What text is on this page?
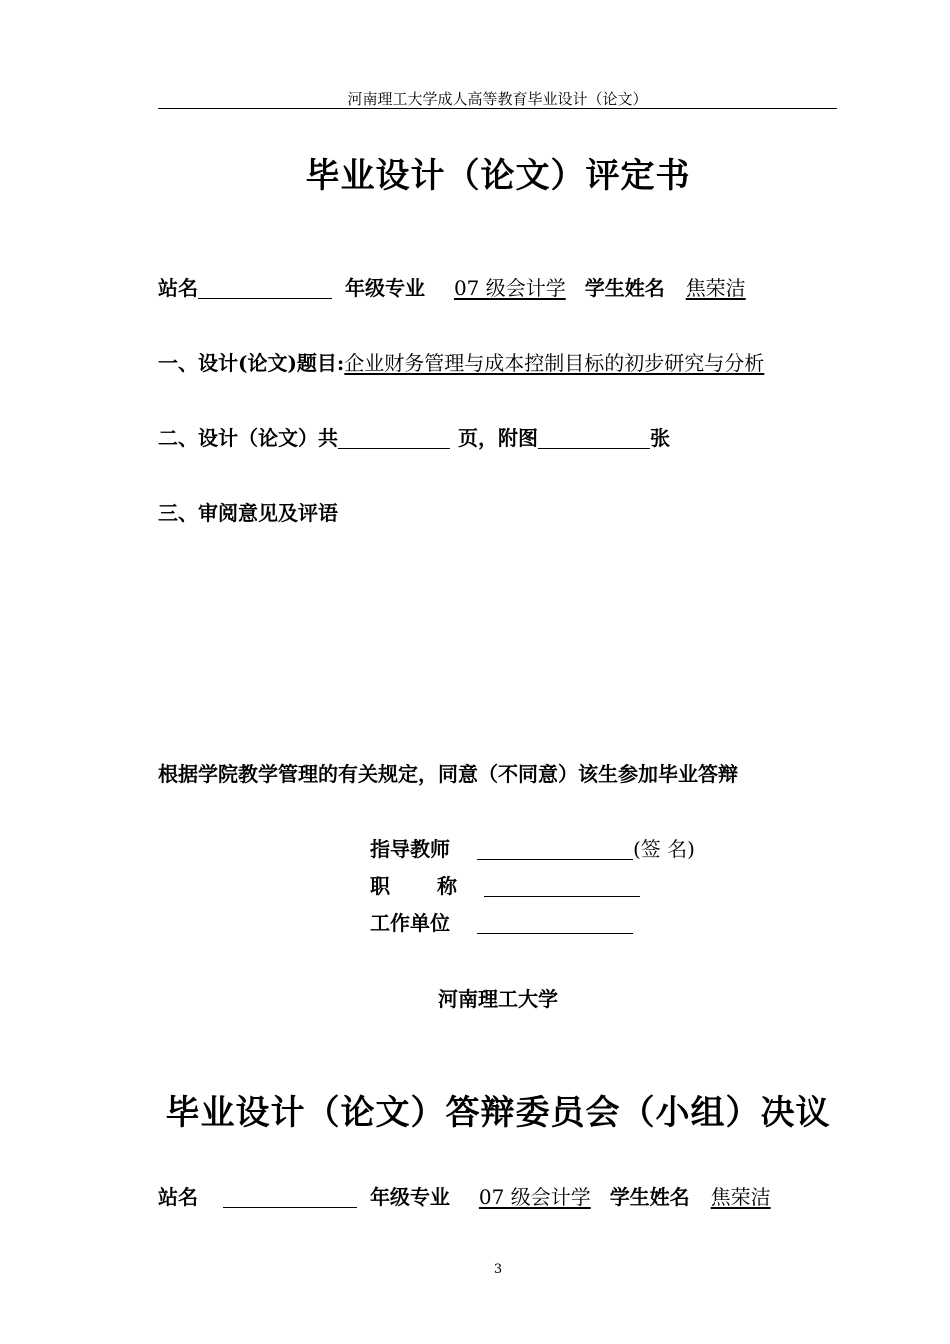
河南理工大学成人高等教育毕业设计（论文）
毕业设计（论文）评定书
站名	年级专业 07 级会计学 学生姓名 焦荣洁
一、设计(论文)题目:企业财务管理与成本控制目标的初步研究与分析
二、设计（论文）共	页，附图	张
三、审阅意见及评语
根据学院教学管理的有关规定，同意（不同意）该生参加毕业答辩
指导教师	(签 名)
职 称
工作单位
河南理工大学
毕业设计（论文）答辩委员会（小组）决议
站名	年级专业 07 级会计学 学生姓名 焦荣洁
3
